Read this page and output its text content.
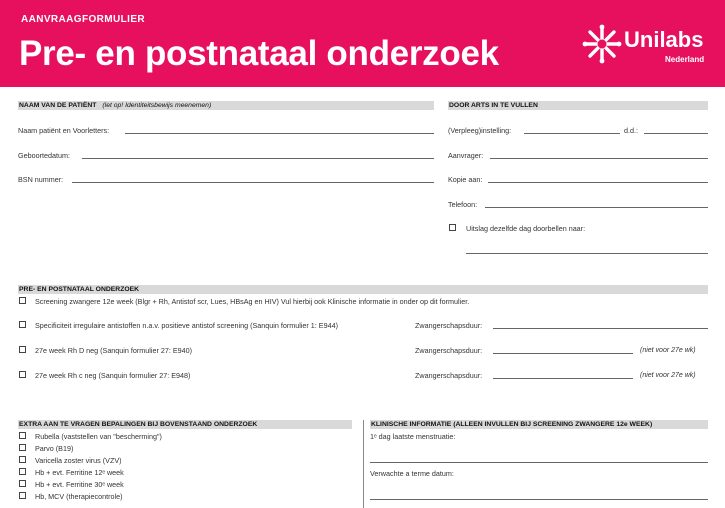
AANVRAAGFORMULIER
Pre- en postnataal onderzoek	Unilabs
Nederland
NAAM VAN DE PATIËNT (let op! Identiteitsbewijs meenemen)
Naam patiënt en Voorletters:
Geboortedatum:
BSN nummer:
DOOR ARTS IN TE VULLEN
(Verpleeg)instelling:	d.d.:
Aanvrager:
Kopie aan:
Telefoon:
Uitslag dezelfde dag doorbellen naar:
PRE- EN POSTNATAAL ONDERZOEK
Screening zwangere 12e week (Blgr + Rh, Antistof scr, Lues, HBsAg en HIV) Vul hierbij ook Klinische informatie in onder op dit formulier.
Specificiteit irregulaire antistoffen n.a.v. positieve antistof screening (Sanquin formulier 1: E944)	Zwangerschapsduur:
27e week Rh D neg (Sanquin formulier 27: E940)	Zwangerschapsduur:	(niet voor 27e wk)
27e week Rh c neg (Sanquin formulier 27: E948)	Zwangerschapsduur:	(niet voor 27e wk)
EXTRA AAN TE VRAGEN BEPALINGEN BIJ BOVENSTAAND ONDERZOEK
Rubella (vaststellen van "bescherming")
Parvo (B19)
Varicella zoster virus (VZV)
Hb + evt. Ferritine 12ᵉ week
Hb + evt. Ferritine 30ᵉ week
Hb, MCV (therapiecontrole)
KLINISCHE INFORMATIE (ALLEEN INVULLEN BIJ SCREENING ZWANGERE 12e WEEK)
1ᵉ dag laatste menstruatie:
Verwachte a terme datum:
